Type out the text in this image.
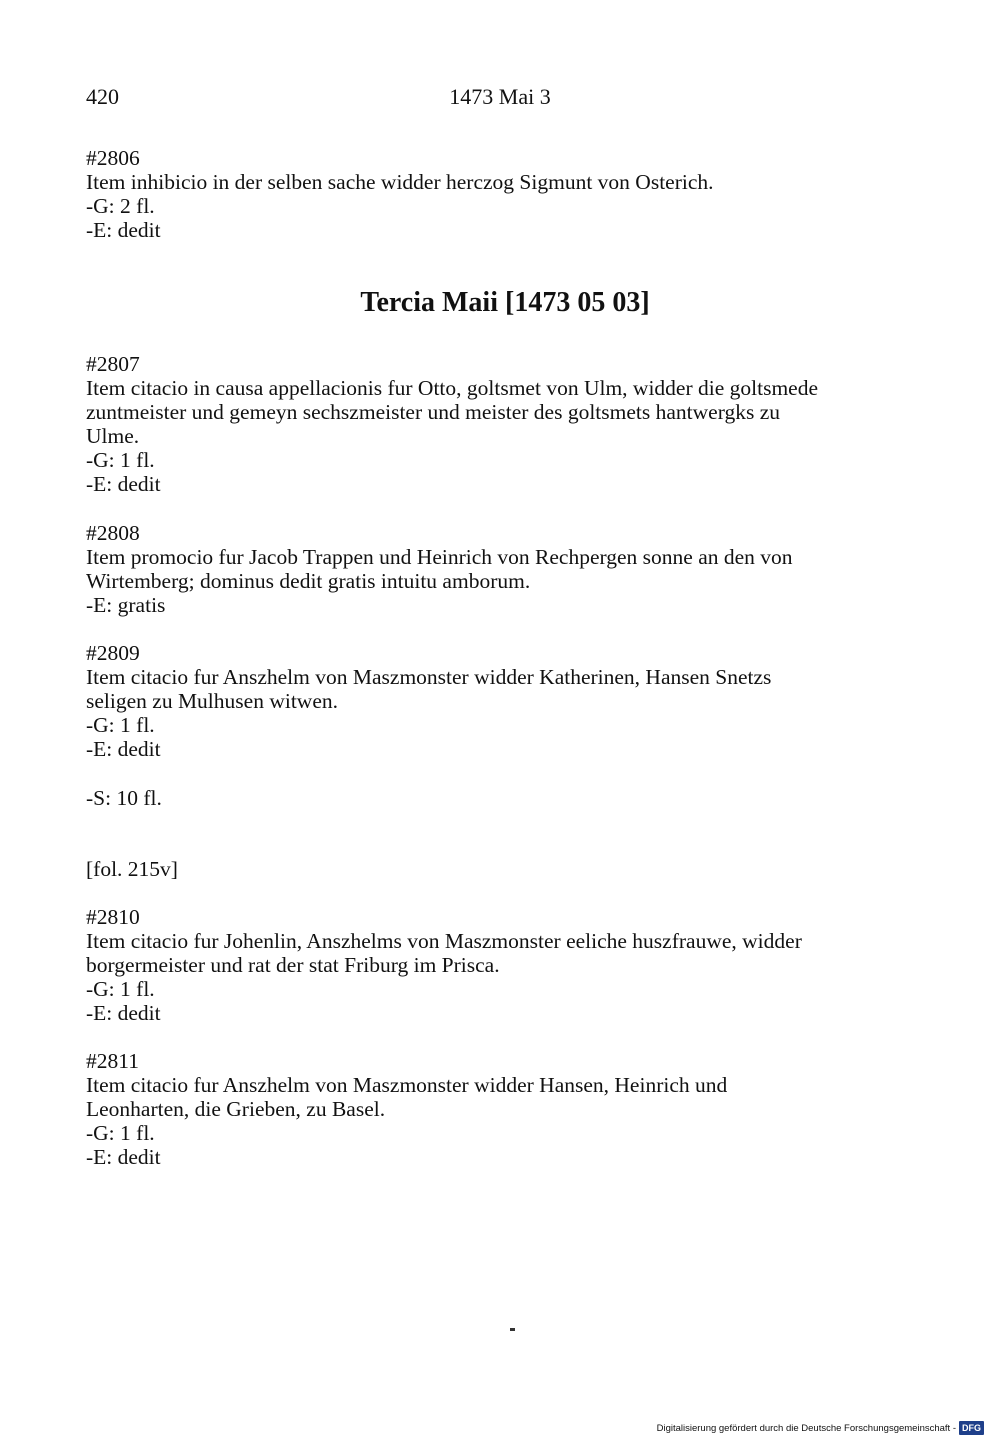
420	1473 Mai 3
#2806
Item inhibicio in der selben sache widder herczog Sigmunt von Osterich.
-G: 2 fl.
-E: dedit
Tercia Maii [1473 05 03]
#2807
Item citacio in causa appellacionis fur Otto, goltsmet von Ulm, widder die goltsmede
zuntmeister und gemeyn sechszmeister und meister des goltsmets hantwergks zu
Ulme.
-G: 1 fl.
-E: dedit
#2808
Item promocio fur Jacob Trappen und Heinrich von Rechpergen sonne an den von
Wirtemberg; dominus dedit gratis intuitu amborum.
-E: gratis
#2809
Item citacio fur Anszhelm von Maszmonster widder Katherinen, Hansen Snetzs
seligen zu Mulhusen witwen.
-G: 1 fl.
-E: dedit
-S: 10 fl.
[fol. 215v]
#2810
Item citacio fur Johenlin, Anszhelms von Maszmonster eeliche huszfrauwe, widder
borgermeister und rat der stat Friburg im Prisca.
-G: 1 fl.
-E: dedit
#2811
Item citacio fur Anszhelm von Maszmonster widder Hansen, Heinrich und
Leonharten, die Grieben, zu Basel.
-G: 1 fl.
-E: dedit
Digitalisierung gefördert durch die Deutsche Forschungsgemeinschaft - DFG
